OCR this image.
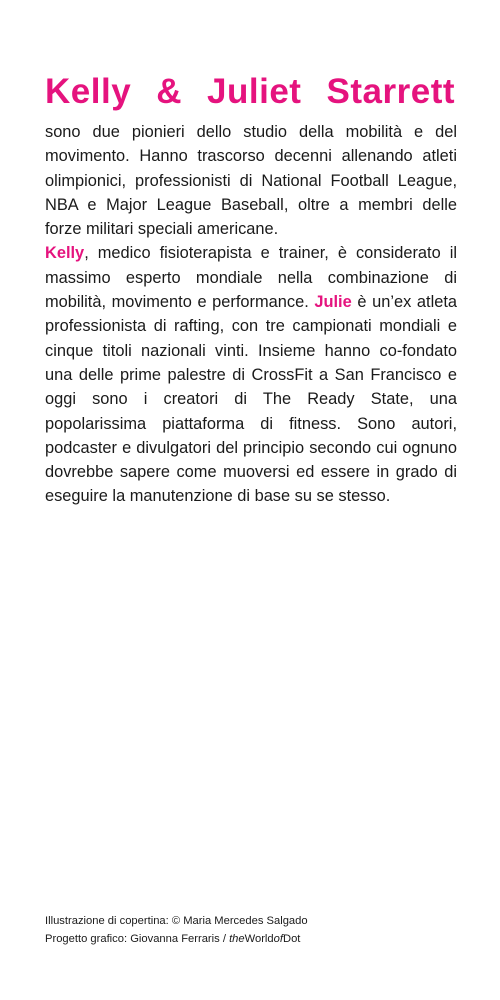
Kelly & Juliet Starrett

sono due pionieri dello studio della mobilità e del movimento. Hanno trascorso decenni allenando atleti olimpionici, professionisti di National Football League, NBA e Major League Baseball, oltre a membri delle forze militari speciali americane.

Kelly, medico fisioterapista e trainer, è considerato il massimo esperto mondiale nella combinazione di mobilità, movimento e performance. Julie è un’ex atleta professionista di rafting, con tre campionati mondiali e cinque titoli nazionali vinti. Insieme hanno co-fondato una delle prime palestre di CrossFit a San Francisco e oggi sono i creatori di The Ready State, una popolarissima piattaforma di fitness. Sono autori, podcaster e divulgatori del principio secondo cui ognuno dovrebbe sapere come muoversi ed essere in grado di eseguire la manutenzione di base su se stesso.

Illustrazione di copertina: © Maria Mercedes Salgado
Progetto grafico: Giovanna Ferraris / theWorldofDot
